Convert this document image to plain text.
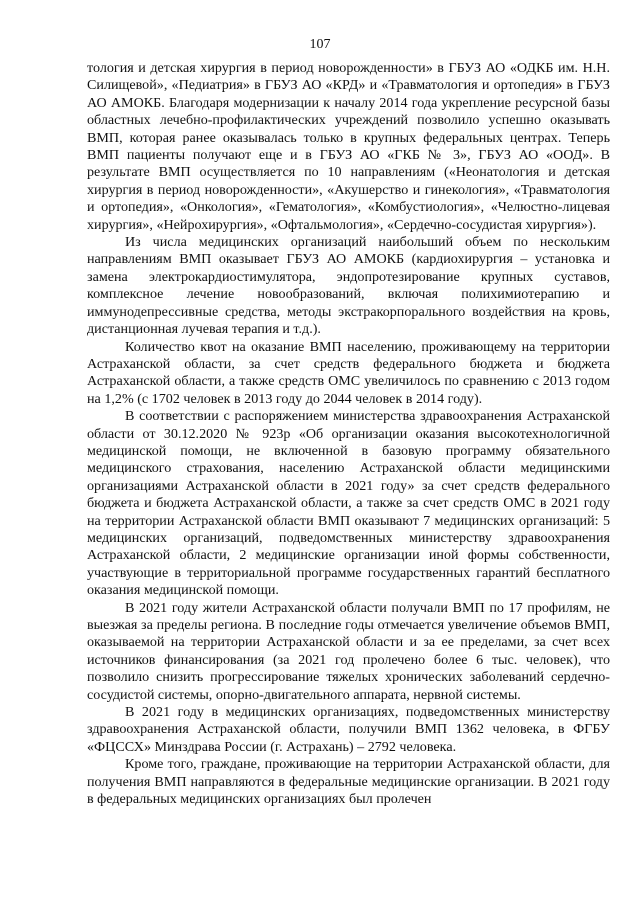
107

тология и детская хирургия в период новорожденности» в ГБУЗ АО «ОДКБ им. Н.Н. Силищевой», «Педиатрия» в ГБУЗ АО «КРД» и «Травматология и ортопедия» в ГБУЗ АО АМОКБ. Благодаря модернизации к началу 2014 года укрепление ресурсной базы областных лечебно-профилактических учреждений позволило успешно оказывать ВМП, которая ранее оказывалась только в крупных федеральных центрах. Теперь ВМП пациенты получают еще и в ГБУЗ АО «ГКБ № 3», ГБУЗ АО «ООД». В результате ВМП осуществляется по 10 направлениям («Неонатология и детская хирургия в период новорожденности», «Акушерство и гинекология», «Травматология и ортопедия», «Онкология», «Гематология», «Комбустиология», «Челюстно-лицевая хирургия», «Нейрохирургия», «Офтальмология», «Сердечно-сосудистая хирургия»).

Из числа медицинских организаций наибольший объем по нескольким направлениям ВМП оказывает ГБУЗ АО АМОКБ (кардиохирургия – установка и замена электрокардиостимулятора, эндопротезирование крупных суставов, комплексное лечение новообразований, включая полихимиотерапию и иммунодепрессивные средства, методы экстракорпорального воздействия на кровь, дистанционная лучевая терапия и т.д.).

Количество квот на оказание ВМП населению, проживающему на территории Астраханской области, за счет средств федерального бюджета и бюджета Астраханской области, а также средств ОМС увеличилось по сравнению с 2013 годом на 1,2% (с 1702 человек в 2013 году до 2044 человек в 2014 году).

В соответствии с распоряжением министерства здравоохранения Астраханской области от 30.12.2020 № 923р «Об организации оказания высокотехнологичной медицинской помощи, не включенной в базовую программу обязательного медицинского страхования, населению Астраханской области медицинскими организациями Астраханской области в 2021 году» за счет средств федерального бюджета и бюджета Астраханской области, а также за счет средств ОМС в 2021 году на территории Астраханской области ВМП оказывают 7 медицинских организаций: 5 медицинских организаций, подведомственных министерству здравоохранения Астраханской области, 2 медицинские организации иной формы собственности, участвующие в территориальной программе государственных гарантий бесплатного оказания медицинской помощи.

В 2021 году жители Астраханской области получали ВМП по 17 профилям, не выезжая за пределы региона. В последние годы отмечается увеличение объемов ВМП, оказываемой на территории Астраханской области и за ее пределами, за счет всех источников финансирования (за 2021 год пролечено более 6 тыс. человек), что позволило снизить прогрессирование тяжелых хронических заболеваний сердечно-сосудистой системы, опорно-двигательного аппарата, нервной системы.

В 2021 году в медицинских организациях, подведомственных министерству здравоохранения Астраханской области, получили ВМП 1362 человека, в ФГБУ «ФЦССХ» Минздрава России (г. Астрахань) – 2792 человека.

Кроме того, граждане, проживающие на территории Астраханской области, для получения ВМП направляются в федеральные медицинские организации. В 2021 году в федеральных медицинских организациях был пролечен
